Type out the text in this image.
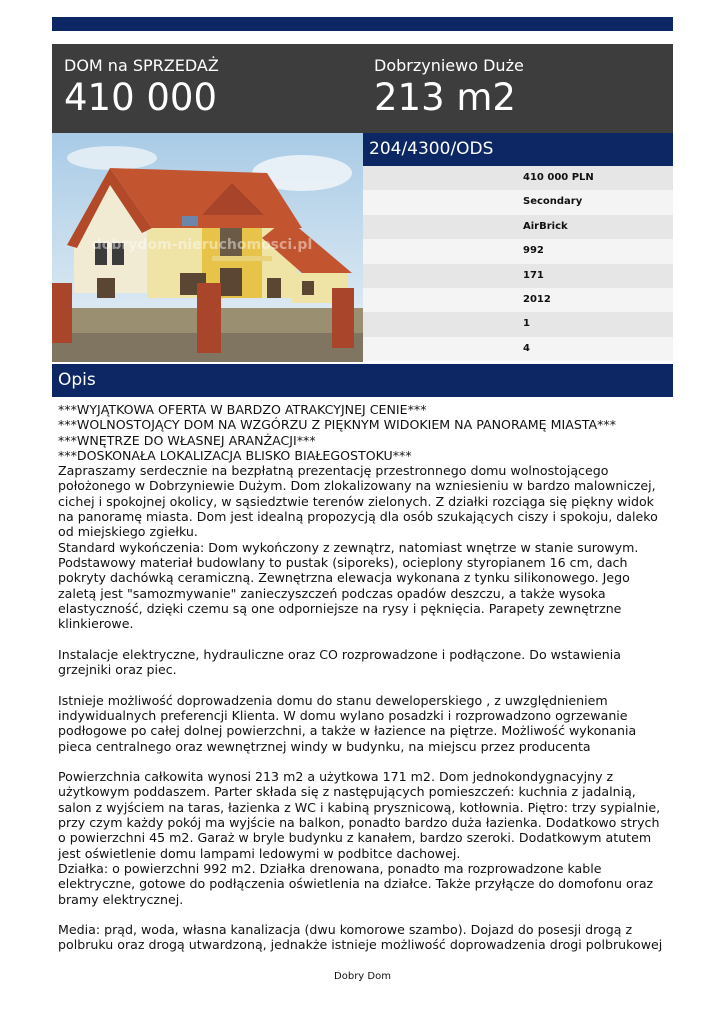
DOM na SPRZEDAŻ
410 000
Dobrzyniewo Duże
213 m2
dobrydom-nieruchomosci.pl
204/4300/ODS
410 000 PLN
Secondary
AirBrick
992
171
2012
1
4
Opis
***WYJĄTKOWA OFERTA W BARDZO ATRAKCYJNEJ CENIE***
***WOLNOSTOJĄCY DOM NA WZGÓRZU Z PIĘKNYM WIDOKIEM NA PANORAMĘ MIASTA***
***WNĘTRZE DO WŁASNEJ ARANŻACJI***
***DOSKONAŁA LOKALIZACJA BLISKO BIAŁEGOSTOKU***
Zapraszamy serdecznie na bezpłatną prezentację przestronnego domu wolnostojącego położonego w Dobrzyniewie Dużym. Dom zlokalizowany na wzniesieniu w bardzo malowniczej, cichej i spokojnej okolicy, w sąsiedztwie terenów zielonych. Z działki rozciąga się piękny widok na panoramę miasta. Dom jest idealną propozycją dla osób szukających ciszy i spokoju, daleko od miejskiego zgiełku.
Standard wykończenia: Dom wykończony z zewnątrz, natomiast wnętrze w stanie surowym. Podstawowy materiał budowlany to pustak (siporeks), ocieplony styropianem 16 cm, dach pokryty dachówką ceramiczną. Zewnętrzna elewacja wykonana z tynku silikonowego. Jego zaletą jest "samozmywanie" zanieczyszczeń podczas opadów deszczu, a także wysoka elastyczność, dzięki czemu są one odporniejsze na rysy i pęknięcia. Parapety zewnętrzne klinkierowe.

Instalacje elektryczne, hydrauliczne oraz CO rozprowadzone i podłączone. Do wstawienia grzejniki oraz piec.

Istnieje możliwość doprowadzenia domu do stanu deweloperskiego , z uwzględnieniem indywidualnych preferencji Klienta. W domu wylano posadzki i rozprowadzono ogrzewanie podłogowe po całej dolnej powierzchni, a także w łazience na piętrze. Możliwość wykonania pieca centralnego oraz wewnętrznej windy w budynku, na miejscu przez producenta

Powierzchnia całkowita wynosi 213 m2 a użytkowa 171 m2. Dom jednokondygnacyjny z użytkowym poddaszem. Parter składa się z następujących pomieszczeń: kuchnia z jadalnią, salon z wyjściem na taras, łazienka z WC i kabiną prysznicową, kotłownia. Piętro: trzy sypialnie, przy czym każdy pokój ma wyjście na balkon, ponadto bardzo duża łazienka. Dodatkowo strych o powierzchni 45 m2. Garaż w bryle budynku z kanałem, bardzo szeroki. Dodatkowym atutem jest oświetlenie domu lampami ledowymi w podbitce dachowej.
Działka: o powierzchni 992 m2. Działka drenowana, ponadto ma rozprowadzone kable elektryczne, gotowe do podłączenia oświetlenia na działce. Także przyłącze do domofonu oraz bramy elektrycznej.

Media: prąd, woda, własna kanalizacja (dwu komorowe szambo). Dojazd do posesji drogą z polbruku oraz drogą utwardzoną, jednakże istnieje możliwość doprowadzenia drogi polbrukowej
Dobry Dom
